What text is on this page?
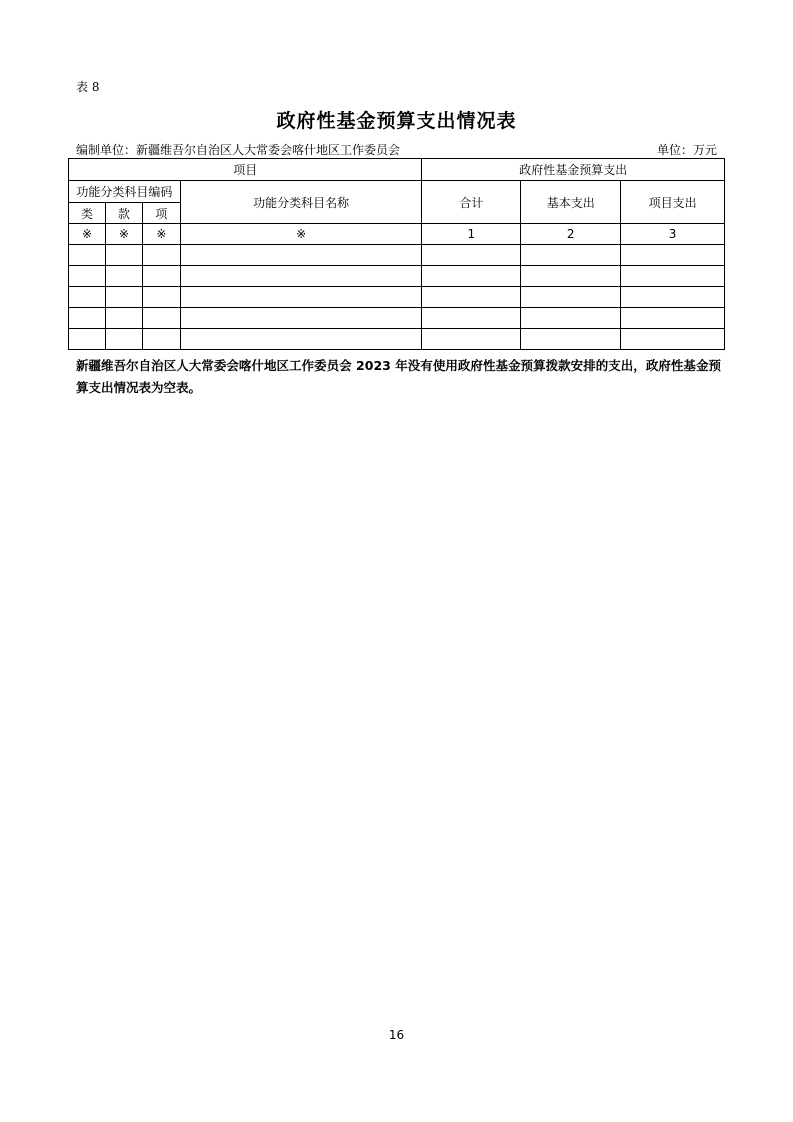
表 8
政府性基金预算支出情况表
编制单位：新疆维吾尔自治区人大常委会喀什地区工作委员会	单位：万元
项目				政府性基金预算支出		
功能分类科目编码			功能分类科目名称	合计	基本支出	项目支出
类	款	项				
※	※	※	※	1	2	3

新疆维吾尔自治区人大常委会喀什地区工作委员会 2023 年没有使用政府性基金预算拨款安排的支出，政府性基金预算支出情况表为空表。
16
